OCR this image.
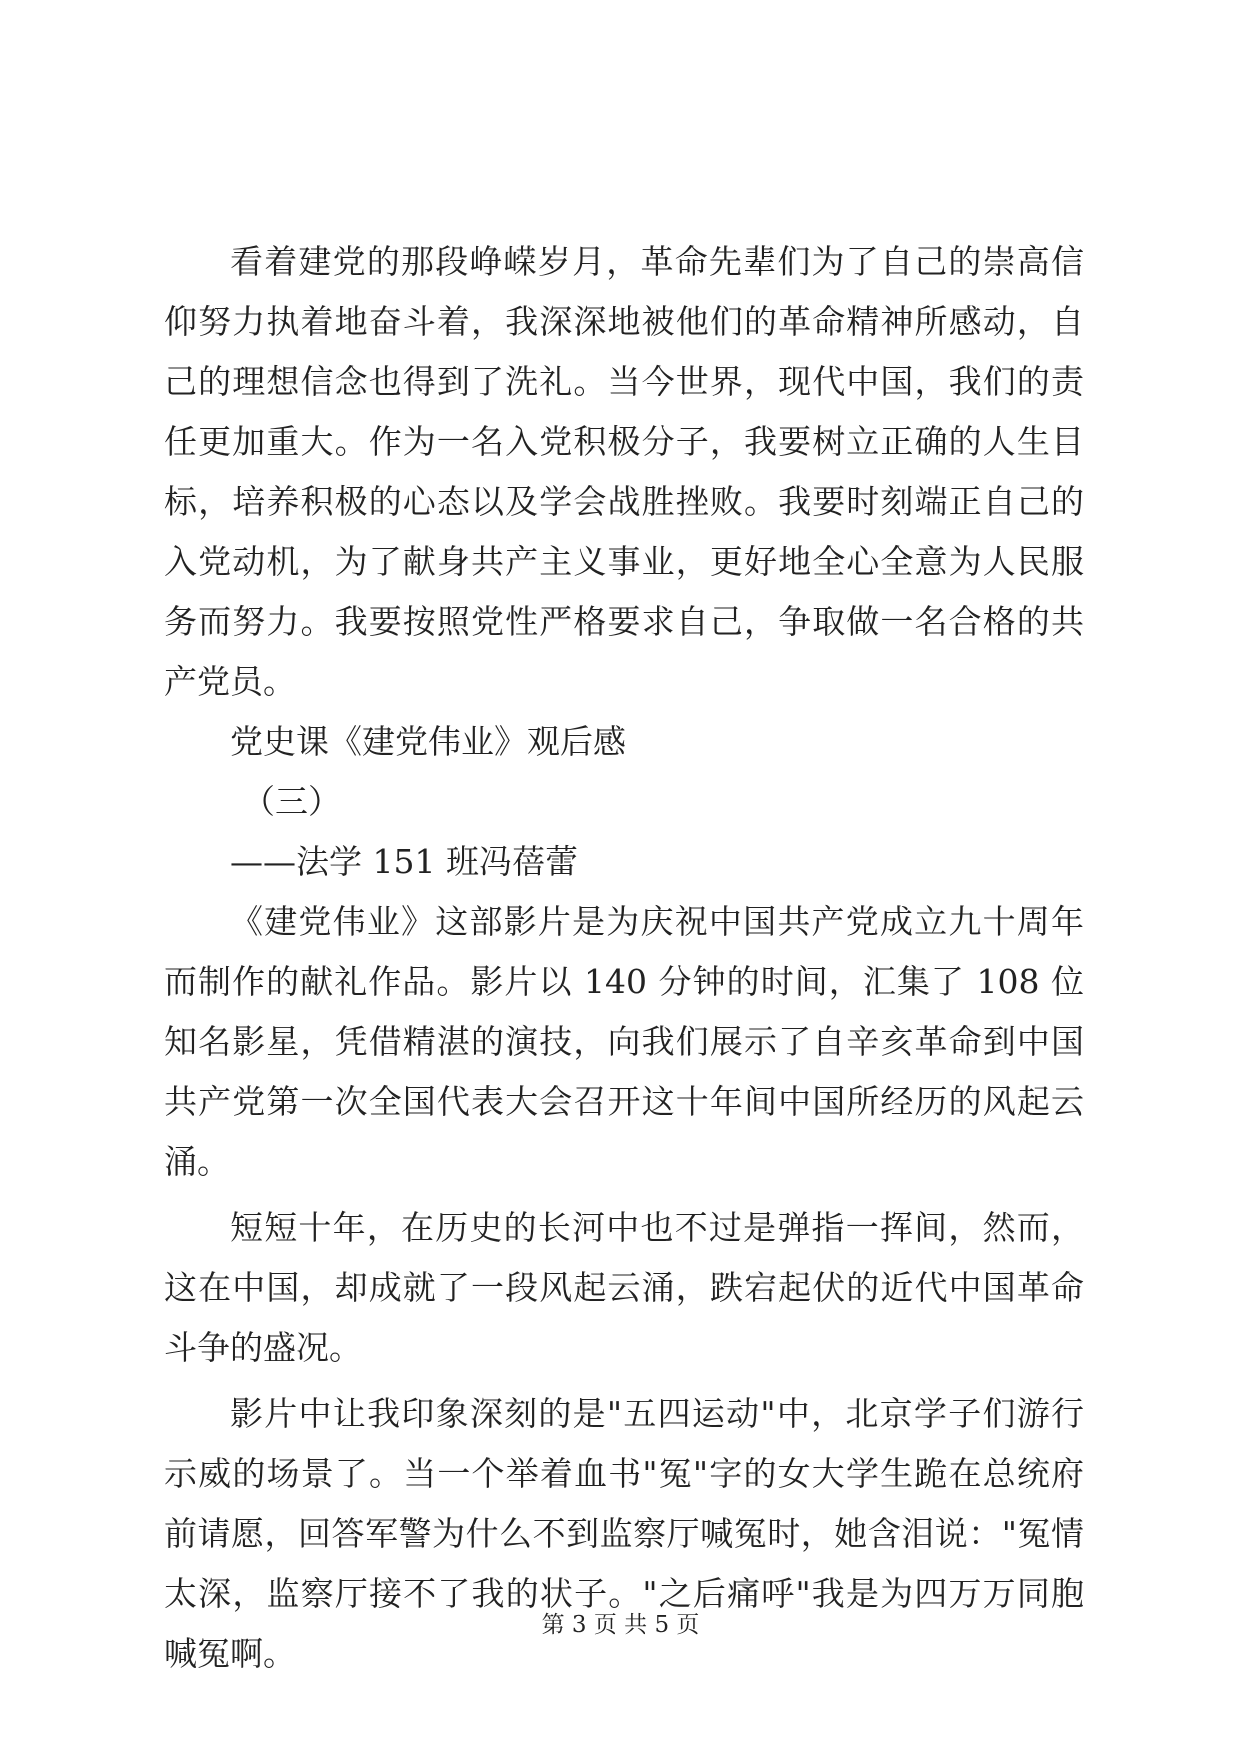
看着建党的那段峥嵘岁月，革命先辈们为了自己的崇高信仰努力执着地奋斗着，我深深地被他们的革命精神所感动，自己的理想信念也得到了洗礼。当今世界，现代中国，我们的责任更加重大。作为一名入党积极分子，我要树立正确的人生目标，培养积极的心态以及学会战胜挫败。我要时刻端正自己的入党动机，为了献身共产主义事业，更好地全心全意为人民服务而努力。我要按照党性严格要求自己，争取做一名合格的共产党员。

党史课《建党伟业》观后感

（三）

——法学 151 班冯蓓蕾

《建党伟业》这部影片是为庆祝中国共产党成立九十周年而制作的献礼作品。影片以 140 分钟的时间，汇集了 108 位知名影星，凭借精湛的演技，向我们展示了自辛亥革命到中国共产党第一次全国代表大会召开这十年间中国所经历的风起云涌。

短短十年，在历史的长河中也不过是弹指一挥间，然而，这在中国，却成就了一段风起云涌，跌宕起伏的近代中国革命斗争的盛况。

影片中让我印象深刻的是"五四运动"中，北京学子们游行示威的场景了。当一个举着血书"冤"字的女大学生跪在总统府前请愿，回答军警为什么不到监察厅喊冤时，她含泪说："冤情太深，监察厅接不了我的状子。"之后痛呼"我是为四万万同胞喊冤啊。

第 3 页 共 5 页
